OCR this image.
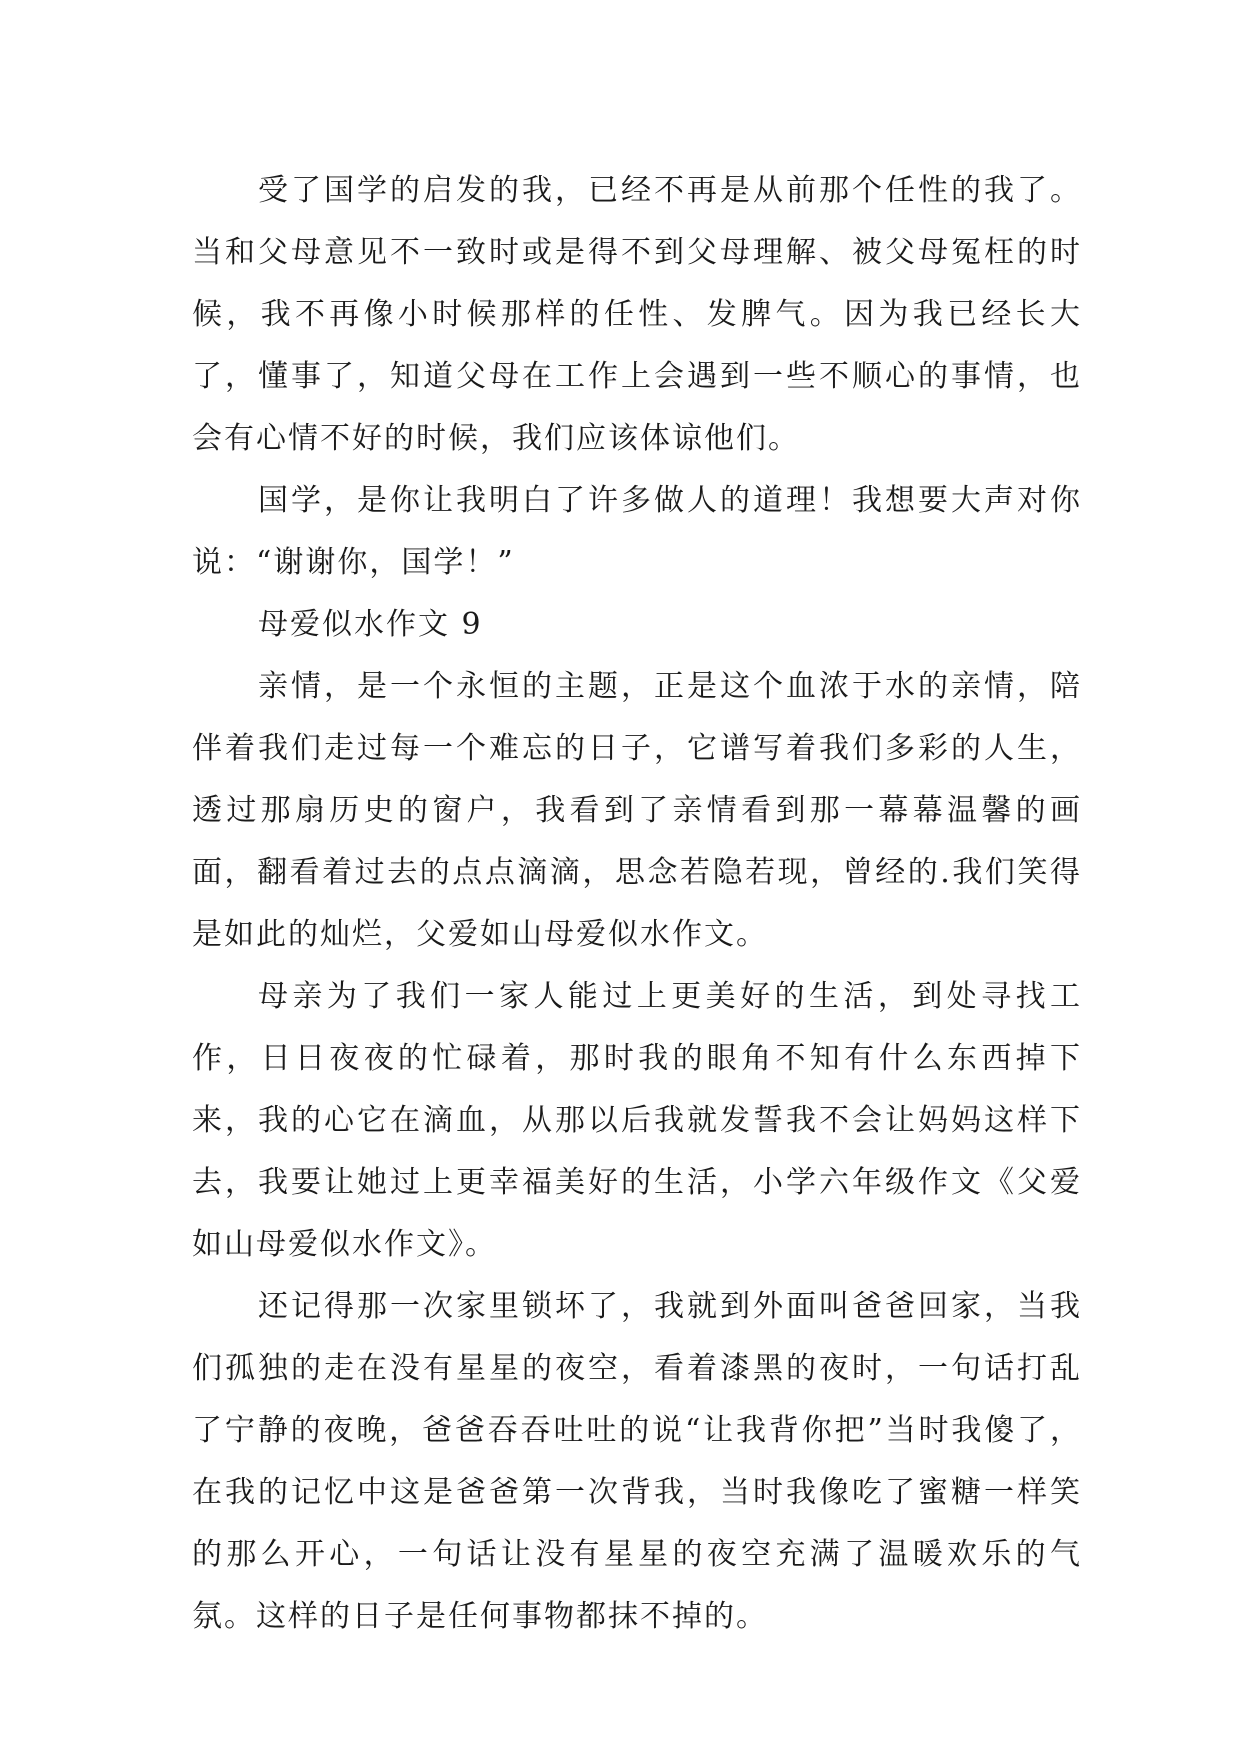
受了国学的启发的我，已经不再是从前那个任性的我了。当和父母意见不一致时或是得不到父母理解、被父母冤枉的时候，我不再像小时候那样的任性、发脾气。因为我已经长大了，懂事了，知道父母在工作上会遇到一些不顺心的事情，也会有心情不好的时候，我们应该体谅他们。

国学，是你让我明白了许多做人的道理！我想要大声对你说：“谢谢你，国学！”

母爱似水作文 9

亲情，是一个永恒的主题，正是这个血浓于水的亲情，陪伴着我们走过每一个难忘的日子，它谱写着我们多彩的人生，透过那扇历史的窗户，我看到了亲情看到那一幕幕温馨的画面，翻看着过去的点点滴滴，思念若隐若现，曾经的.我们笑得是如此的灿烂，父爱如山母爱似水作文。

母亲为了我们一家人能过上更美好的生活，到处寻找工作，日日夜夜的忙碌着，那时我的眼角不知有什么东西掉下来，我的心它在滴血，从那以后我就发誓我不会让妈妈这样下去，我要让她过上更幸福美好的生活，小学六年级作文《父爱如山母爱似水作文》。

还记得那一次家里锁坏了，我就到外面叫爸爸回家，当我们孤独的走在没有星星的夜空，看着漆黑的夜时，一句话打乱了宁静的夜晚，爸爸吞吞吐吐的说“让我背你把”当时我傻了，在我的记忆中这是爸爸第一次背我，当时我像吃了蜜糖一样笑的那么开心，一句话让没有星星的夜空充满了温暖欢乐的气氛。这样的日子是任何事物都抹不掉的。
